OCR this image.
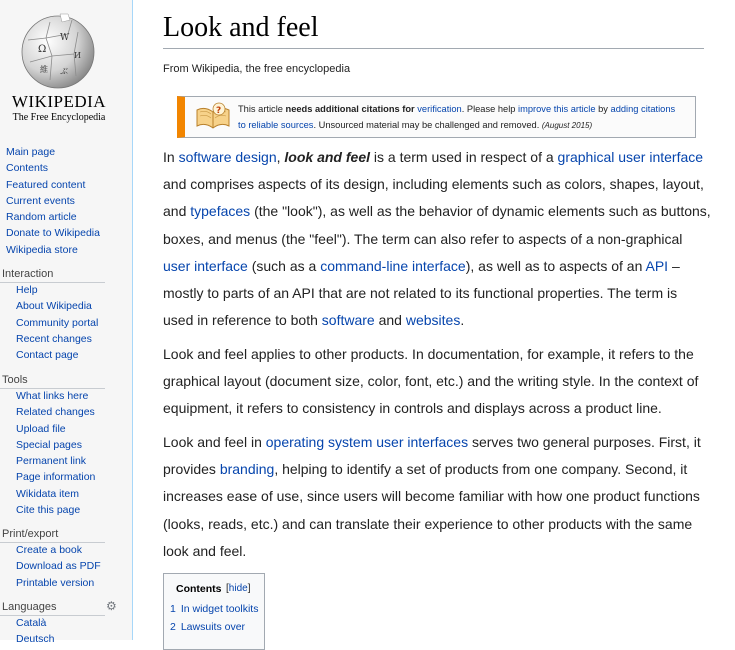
Ω
W
И
維 ぶ
WIKIPEDIA
The Free Encyclopedia
Main page
Contents
Featured content
Current events
Random article
Donate to Wikipedia
Wikipedia store
Interaction
Help
About Wikipedia
Community portal
Recent changes
Contact page
Tools
What links here
Related changes
Upload file
Special pages
Permanent link
Page information
Wikidata item
Cite this page
Print/export
Create a book
Download as PDF
Printable version
Languages
Català
Deutsch
⚙
Look and feel
From Wikipedia, the free encyclopedia
? This article needs additional citations for verification. Please help improve this article by adding citations
to reliable sources. Unsourced material may be challenged and removed. (August 2015)
In software design, look and feel is a term used in respect of a graphical user interface and comprises aspects of its design, including elements such as colors, shapes, layout, and typefaces (the "look"), as well as the behavior of dynamic elements such as buttons, boxes, and menus (the "feel"). The term can also refer to aspects of a non-graphical user interface (such as a command-line interface), as well as to aspects of an API – mostly to parts of an API that are not related to its functional properties. The term is used in reference to both software and websites.
Look and feel applies to other products. In documentation, for example, it refers to the graphical layout (document size, color, font, etc.) and the writing style. In the context of equipment, it refers to consistency in controls and displays across a product line.
Look and feel in operating system user interfaces serves two general purposes. First, it provides branding, helping to identify a set of products from one company. Second, it increases ease of use, since users will become familiar with how one product functions (looks, reads, etc.) and can translate their experience to other products with the same look and feel.
Contents [hide]
1 In widget toolkits
2 Lawsuits over
